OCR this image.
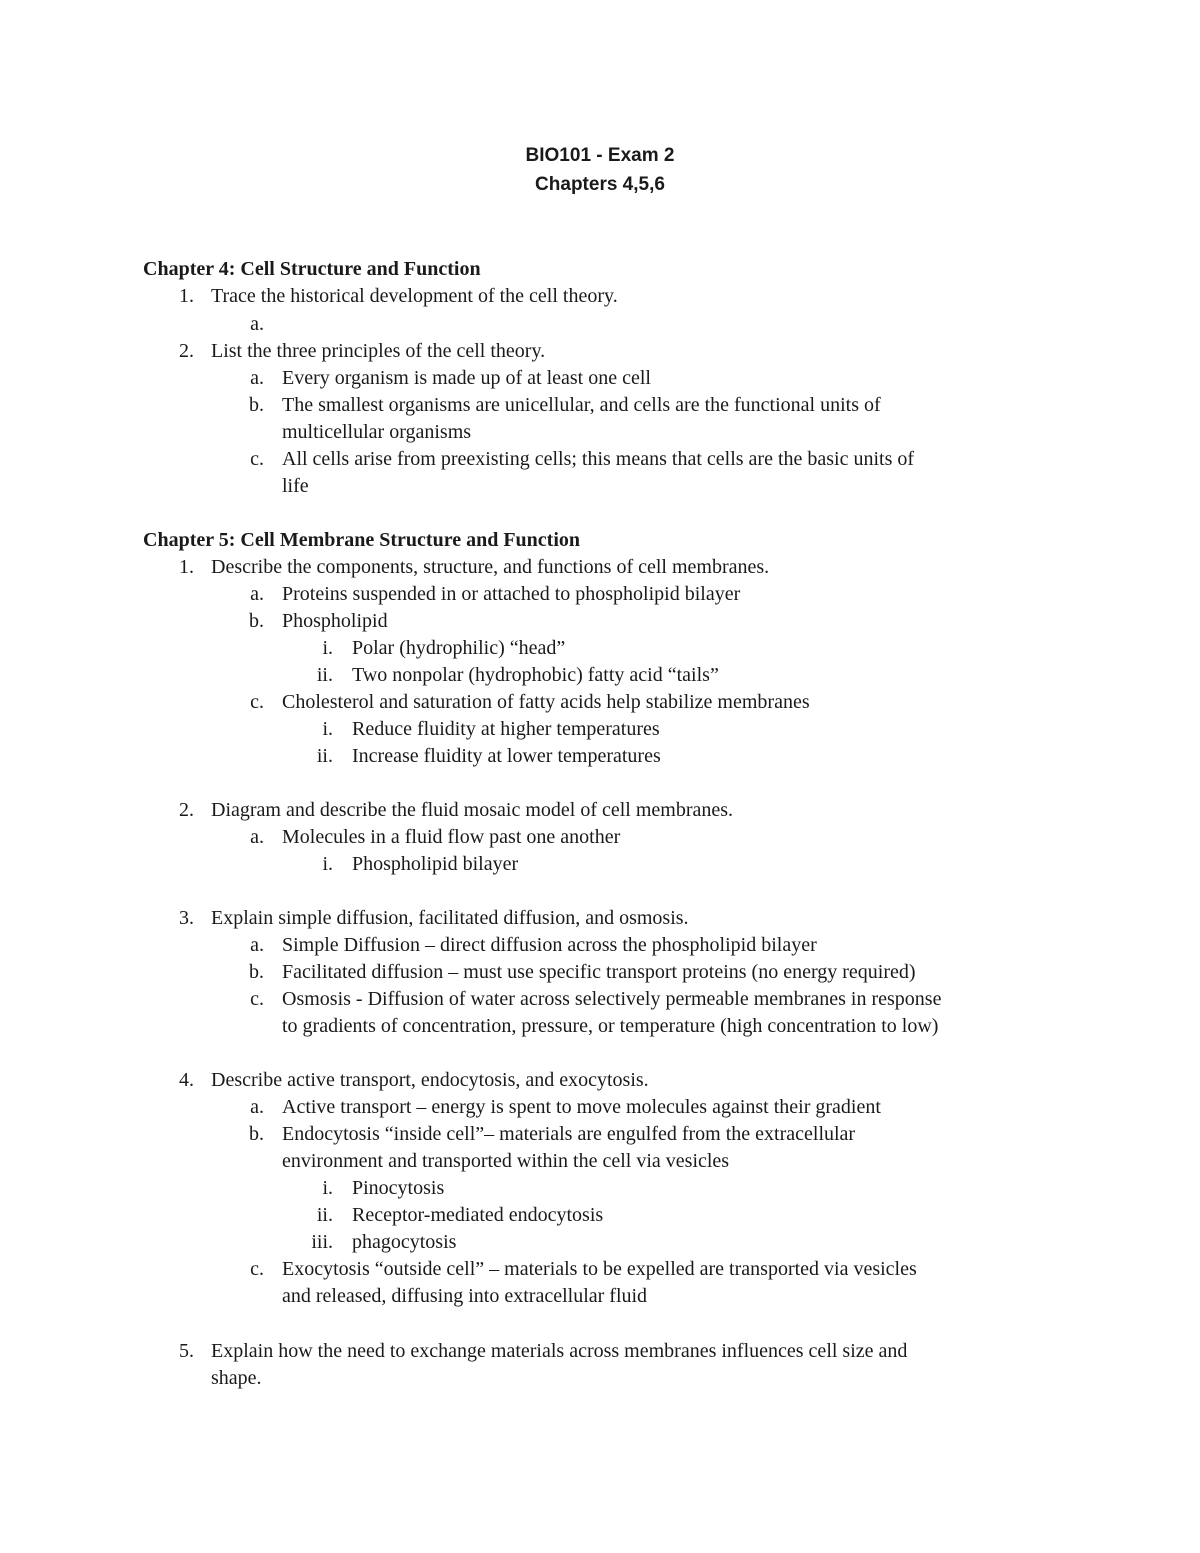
BIO101 - Exam 2
Chapters 4,5,6
Chapter 4: Cell Structure and Function
1. Trace the historical development of the cell theory.
a.
2. List the three principles of the cell theory.
a. Every organism is made up of at least one cell
b. The smallest organisms are unicellular, and cells are the functional units of
multicellular organisms
c. All cells arise from preexisting cells; this means that cells are the basic units of
life
Chapter 5: Cell Membrane Structure and Function
1. Describe the components, structure, and functions of cell membranes.
a. Proteins suspended in or attached to phospholipid bilayer
b. Phospholipid
i. Polar (hydrophilic) “head”
ii. Two nonpolar (hydrophobic) fatty acid “tails”
c. Cholesterol and saturation of fatty acids help stabilize membranes
i. Reduce fluidity at higher temperatures
ii. Increase fluidity at lower temperatures
2. Diagram and describe the fluid mosaic model of cell membranes.
a. Molecules in a fluid flow past one another
i. Phospholipid bilayer
3. Explain simple diffusion, facilitated diffusion, and osmosis.
a. Simple Diffusion – direct diffusion across the phospholipid bilayer
b. Facilitated diffusion – must use specific transport proteins (no energy required)
c. Osmosis - Diffusion of water across selectively permeable membranes in response
to gradients of concentration, pressure, or temperature (high concentration to low)
4. Describe active transport, endocytosis, and exocytosis.
a. Active transport – energy is spent to move molecules against their gradient
b. Endocytosis “inside cell”– materials are engulfed from the extracellular
environment and transported within the cell via vesicles
i. Pinocytosis
ii. Receptor-mediated endocytosis
iii. phagocytosis
c. Exocytosis “outside cell” – materials to be expelled are transported via vesicles
and released, diffusing into extracellular fluid
5. Explain how the need to exchange materials across membranes influences cell size and
shape.
